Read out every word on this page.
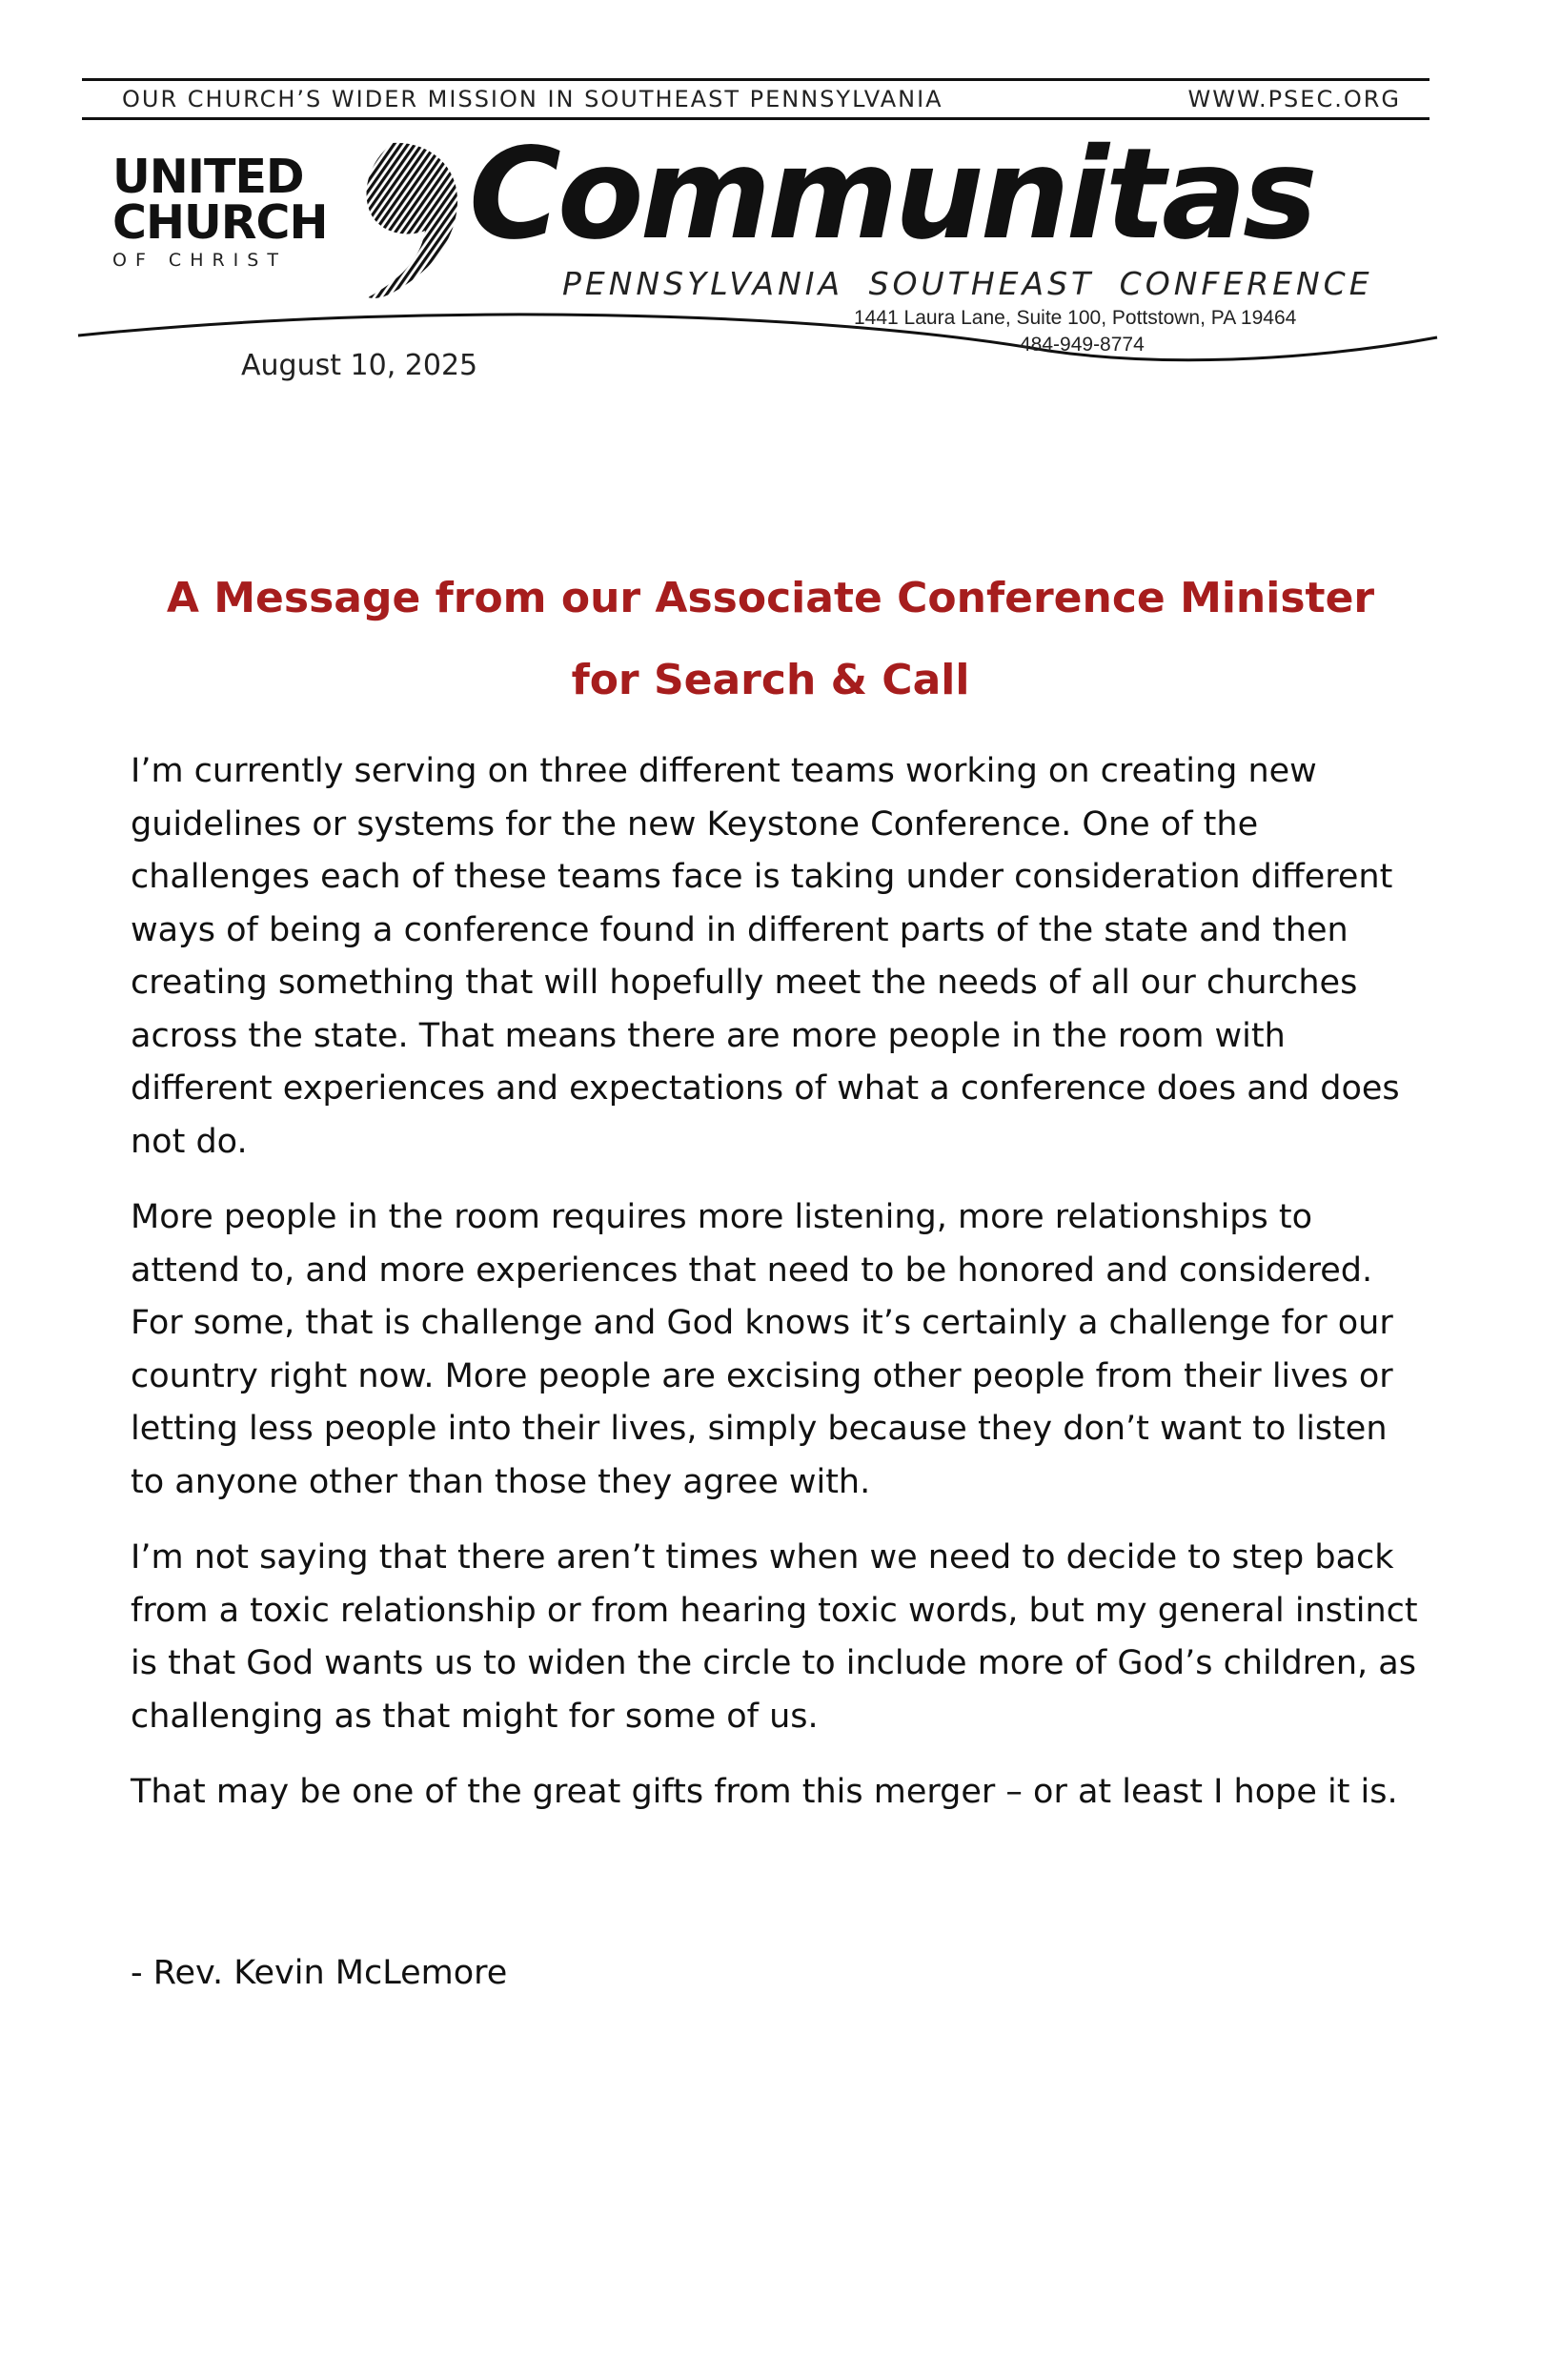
OUR CHURCH’S WIDER MISSION IN SOUTHEAST PENNSYLVANIA	WWW.PSEC.ORG
UNITED
CHURCH
OF CHRIST	Communitas
PENNSYLVANIA SOUTHEAST CONFERENCE
1441 Laura Lane, Suite 100, Pottstown, PA 19464
484-949-8774
August 10, 2025
A Message from our Associate Conference Minister
for Search & Call

I’m currently serving on three different teams working on creating new guidelines or systems for the new Keystone Conference. One of the challenges each of these teams face is taking under consideration different ways of being a conference found in different parts of the state and then creating something that will hopefully meet the needs of all our churches across the state. That means there are more people in the room with different experiences and expectations of what a conference does and does not do.

More people in the room requires more listening, more relationships to attend to, and more experiences that need to be honored and considered. For some, that is challenge and God knows it’s certainly a challenge for our country right now. More people are excising other people from their lives or letting less people into their lives, simply because they don’t want to listen to anyone other than those they agree with.

I’m not saying that there aren’t times when we need to decide to step back from a toxic relationship or from hearing toxic words, but my general instinct is that God wants us to widen the circle to include more of God’s children, as challenging as that might for some of us.

That may be one of the great gifts from this merger – or at least I hope it is.

- Rev. Kevin McLemore
